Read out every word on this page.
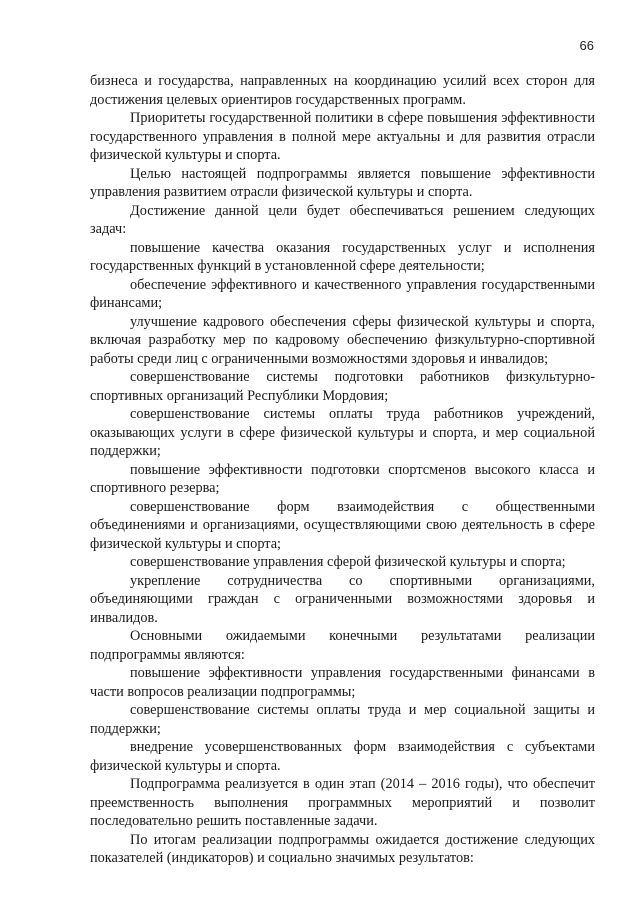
66

бизнеса и государства, направленных на координацию усилий всех сторон для достижения целевых ориентиров государственных программ.

Приоритеты государственной политики в сфере повышения эффективности государственного управления в полной мере актуальны и для развития отрасли физической культуры и спорта.

Целью настоящей подпрограммы является повышение эффективности управления развитием отрасли физической культуры и спорта.

Достижение данной цели будет обеспечиваться решением следующих задач:

повышение качества оказания государственных услуг и исполнения государственных функций в установленной сфере деятельности;

обеспечение эффективного и качественного управления государственными финансами;

улучшение кадрового обеспечения сферы физической культуры и спорта, включая разработку мер по кадровому обеспечению физкультурно-спортивной работы среди лиц с ограниченными возможностями здоровья и инвалидов;

совершенствование системы подготовки работников физкультурно-спортивных организаций Республики Мордовия;

совершенствование системы оплаты труда работников учреждений, оказывающих услуги в сфере физической культуры и спорта, и мер социальной поддержки;

повышение эффективности подготовки спортсменов высокого класса и спортивного резерва;

совершенствование форм взаимодействия с общественными объединениями и организациями, осуществляющими свою деятельность в сфере физической культуры и спорта;

совершенствование управления сферой физической культуры и спорта;

укрепление сотрудничества со спортивными организациями, объединяющими граждан с ограниченными возможностями здоровья и инвалидов.

Основными ожидаемыми конечными результатами реализации подпрограммы являются:

повышение эффективности управления государственными финансами в части вопросов реализации подпрограммы;

совершенствование системы оплаты труда и мер социальной защиты и поддержки;

внедрение усовершенствованных форм взаимодействия с субъектами физической культуры и спорта.

Подпрограмма реализуется в один этап (2014 – 2016 годы), что обеспечит преемственность выполнения программных мероприятий и позволит последовательно решить поставленные задачи.

По итогам реализации подпрограммы ожидается достижение следующих показателей (индикаторов) и социально значимых результатов:
